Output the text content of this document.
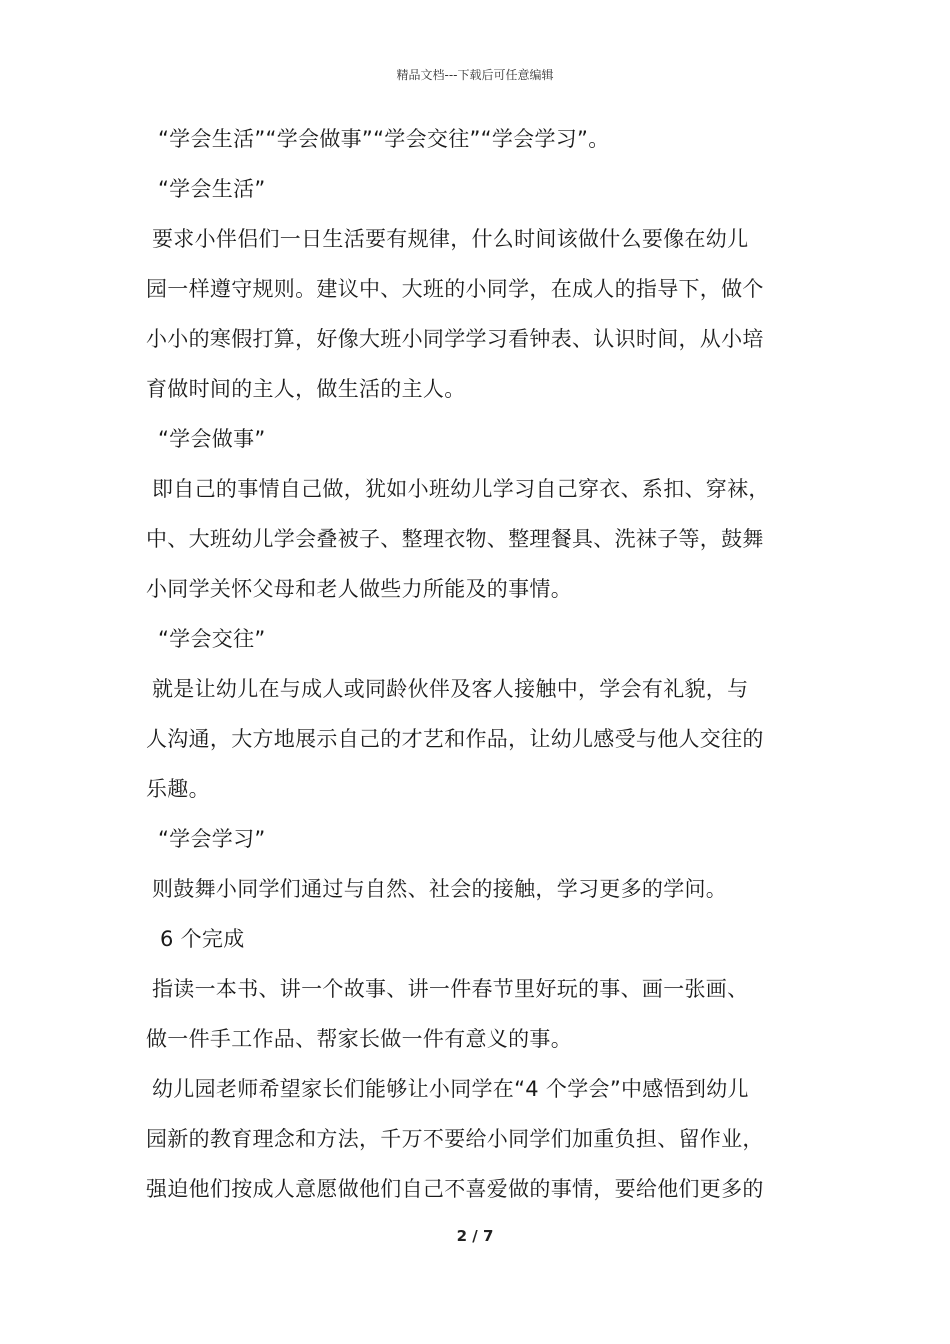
精品文档---下载后可任意编辑
“学会生活”“学会做事”“学会交往”“学会学习”。
“学会生活”
要求小伴侣们一日生活要有规律，什么时间该做什么要像在幼儿
园一样遵守规则。建议中、大班的小同学，在成人的指导下，做个
小小的寒假打算，好像大班小同学学习看钟表、认识时间，从小培
育做时间的主人，做生活的主人。
“学会做事”
即自己的事情自己做，犹如小班幼儿学习自己穿衣、系扣、穿袜，
中、大班幼儿学会叠被子、整理衣物、整理餐具、洗袜子等，鼓舞
小同学关怀父母和老人做些力所能及的事情。
“学会交往”
就是让幼儿在与成人或同龄伙伴及客人接触中，学会有礼貌，与
人沟通，大方地展示自己的才艺和作品，让幼儿感受与他人交往的
乐趣。
“学会学习”
则鼓舞小同学们通过与自然、社会的接触，学习更多的学问。
6 个完成
指读一本书、讲一个故事、讲一件春节里好玩的事、画一张画、
做一件手工作品、帮家长做一件有意义的事。
幼儿园老师希望家长们能够让小同学在“4 个学会”中感悟到幼儿
园新的教育理念和方法，千万不要给小同学们加重负担、留作业，
强迫他们按成人意愿做他们自己不喜爱做的事情，要给他们更多的
2 / 7
